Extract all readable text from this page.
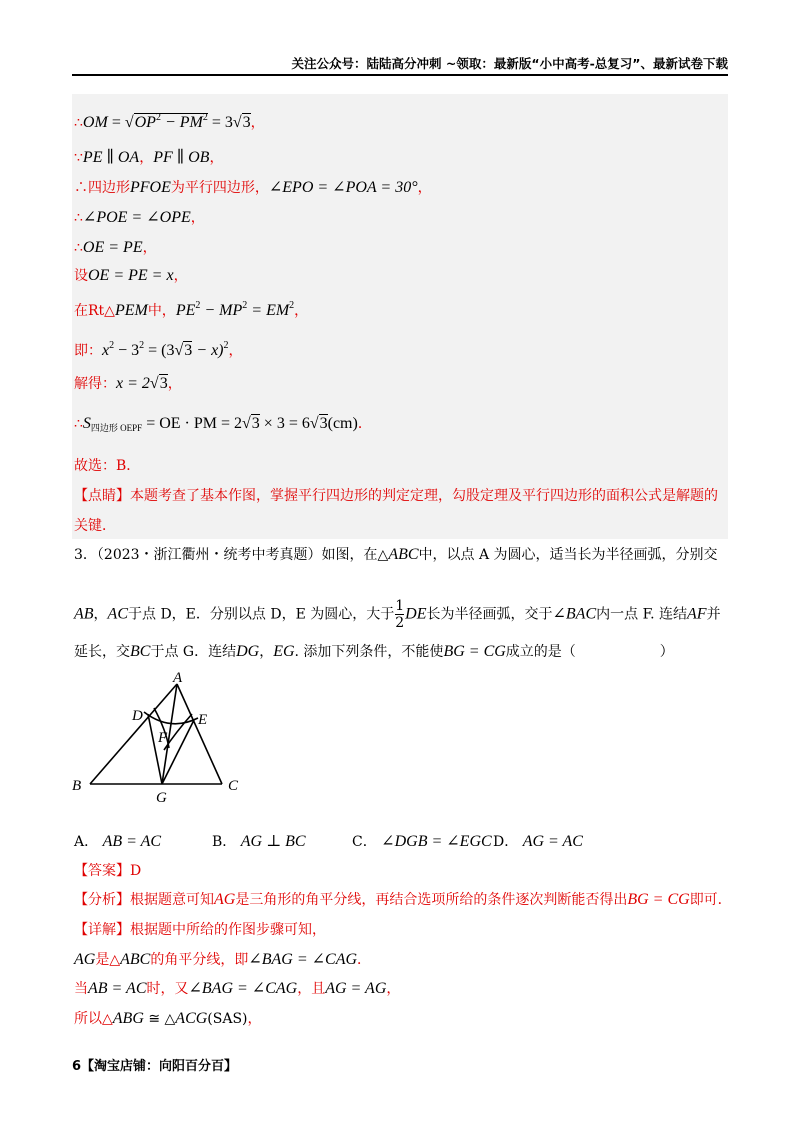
关注公众号：陆陆高分冲刺 ~领取：最新版“小中高考-总复习”、最新试卷下载
∴OM = $√OP^2 - PM^2 = 3√3$，
∵PE ∥ OA，PF ∥ OB，
∴四边形PFOE为平行四边形，∠EPO = ∠POA = 30°，
∴∠POE = ∠OPE，
∴OE = PE，
设OE = PE = x，
在Rt△PEM中，$PE^2 - MP^2 = EM^2$，
即：$x^2 - 3^2 = (3√3 - x)^2$，
解得：x = 2√3，
$\therefore S_{四边形 OEPF}$ = OE · PM = 2√3 × 3 = 6√3(cm)．
故选：B．
【点睛】本题考查了基本作图，掌握平行四边形的判定定理，勾股定理及平行四边形的面积公式是解题的
关键．
3．（2023・浙江衢州・统考中考真题）如图，在△ABC中，以点 A 为圆心，适当长为半径画弧，分别交
AB，AC于点 D，E．分别以点 D，E 为圆心，大于 $\frac{1}{2}$ DE长为半径画弧，交于∠BAC内一点 F. 连结AF并
延长，交BC于点 G．连结DG，EG. 添加下列条件，不能使BG = CG成立的是（　　　　　　）
A
B	C
D	E
F
G
A． AB = AC	B． AG ⊥ BC	C． ∠DGB = ∠EGC D． AG = AC
【答案】D
【分析】根据题意可知AG是三角形的角平分线，再结合选项所给的条件逐次判断能否得出BG = CG即可．
【详解】根据题中所给的作图步骤可知，
AG是△ABC的角平分线，即∠BAG = ∠CAG．
当AB = AC时，又∠BAG = ∠CAG，且AG = AG，
所以△ABG ≅ △ACG(SAS)，
6【淘宝店铺：向阳百分百】
